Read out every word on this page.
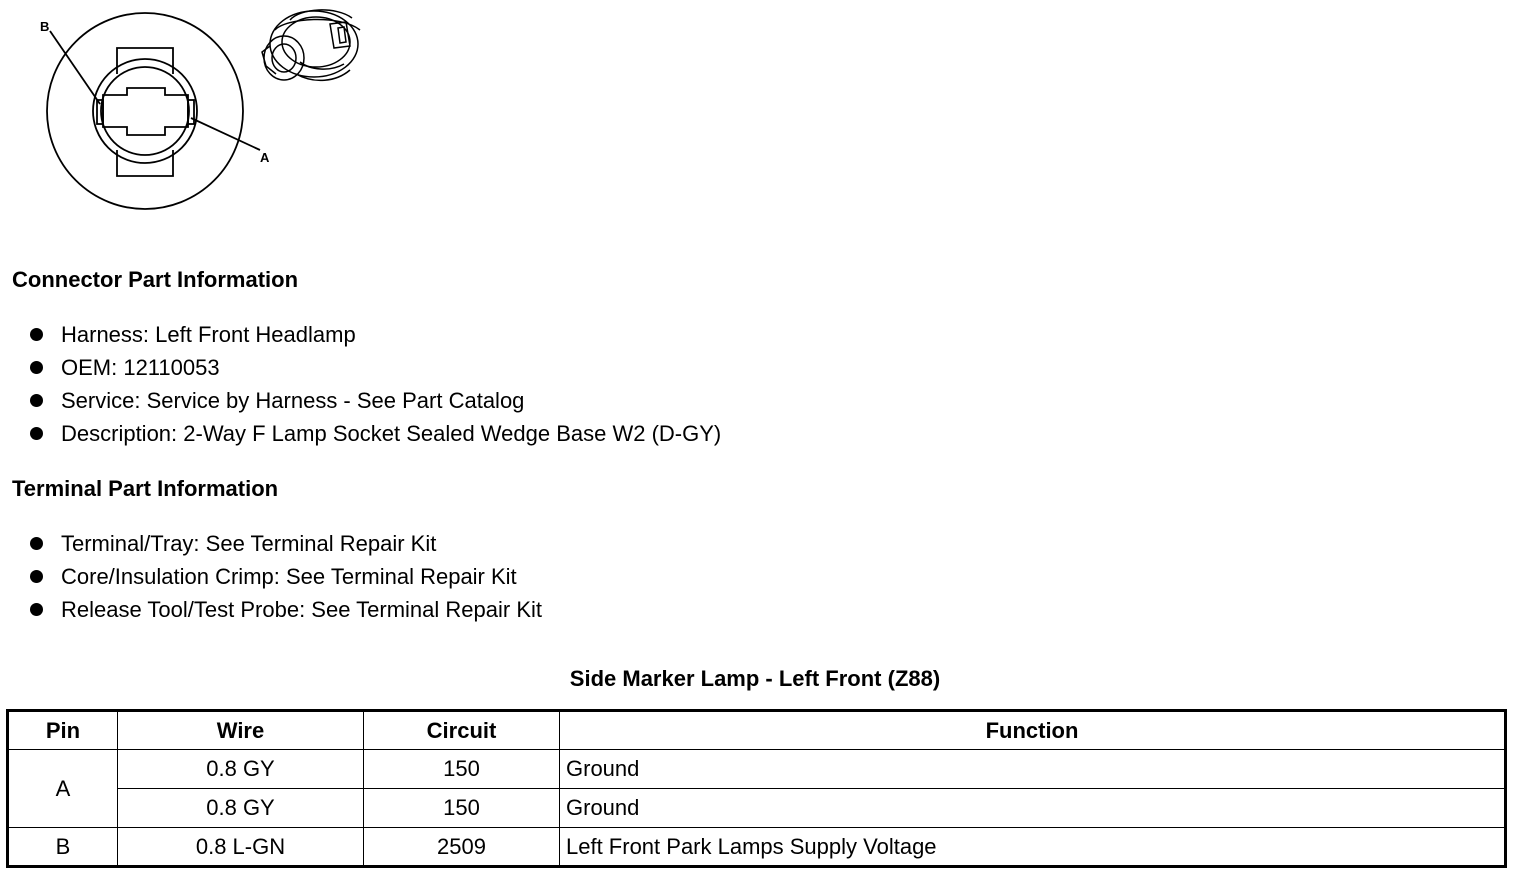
B
A
Connector Part Information
Harness: Left Front Headlamp
OEM: 12110053
Service: Service by Harness - See Part Catalog
Description: 2-Way F Lamp Socket Sealed Wedge Base W2 (D-GY)
Terminal Part Information
Terminal/Tray: See Terminal Repair Kit
Core/Insulation Crimp: See Terminal Repair Kit
Release Tool/Test Probe: See Terminal Repair Kit
Side Marker Lamp - Left Front (Z88)
Pin	Wire	Circuit	Function
A	0.8 GY	150	Ground
	0.8 GY	150	Ground
B	0.8 L-GN	2509	Left Front Park Lamps Supply Voltage
